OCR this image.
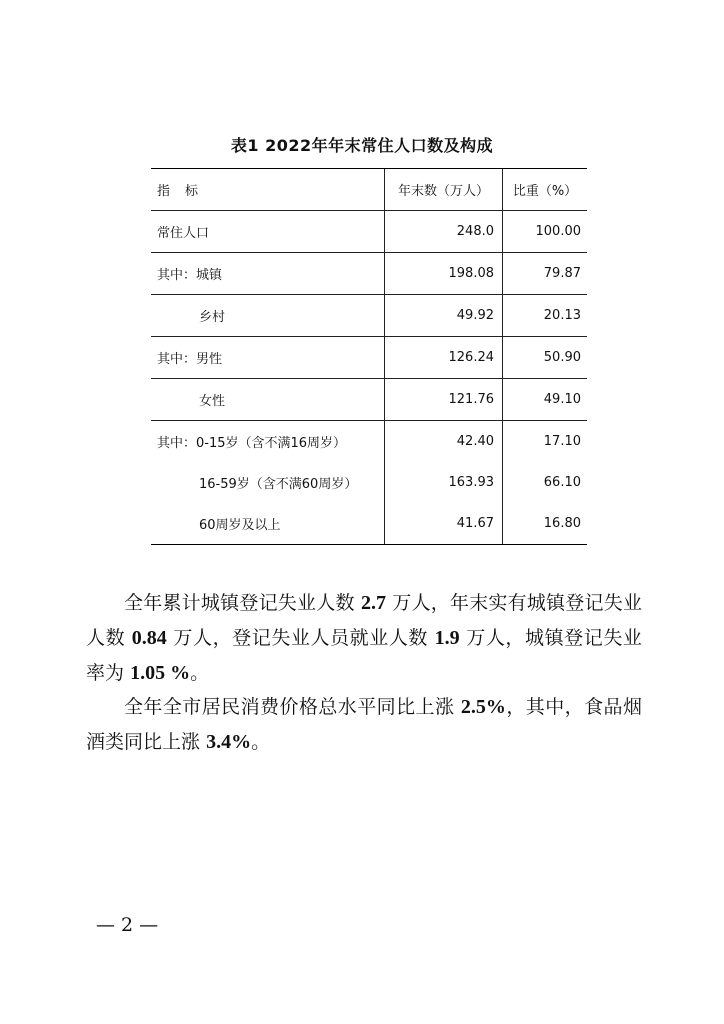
表1 2022年年末常住人口数及构成
指　标	年末数（万人）	比重（%）
常住人口	248.0	100.00
其中：城镇	198.08	79.87
乡村	49.92	20.13
其中：男性	126.24	50.90
女性	121.76	49.10
其中：0-15岁（含不满16周岁）	42.40	17.10
16-59岁（含不满60周岁）	163.93	66.10
60周岁及以上	41.67	16.80
全年累计城镇登记失业人数 2.7 万人，年末实有城镇登记失业人数 0.84 万人，登记失业人员就业人数 1.9 万人，城镇登记失业率为 1.05 %。
全年全市居民消费价格总水平同比上涨 2.5%，其中，食品烟酒类同比上涨 3.4%。
— 2 —
